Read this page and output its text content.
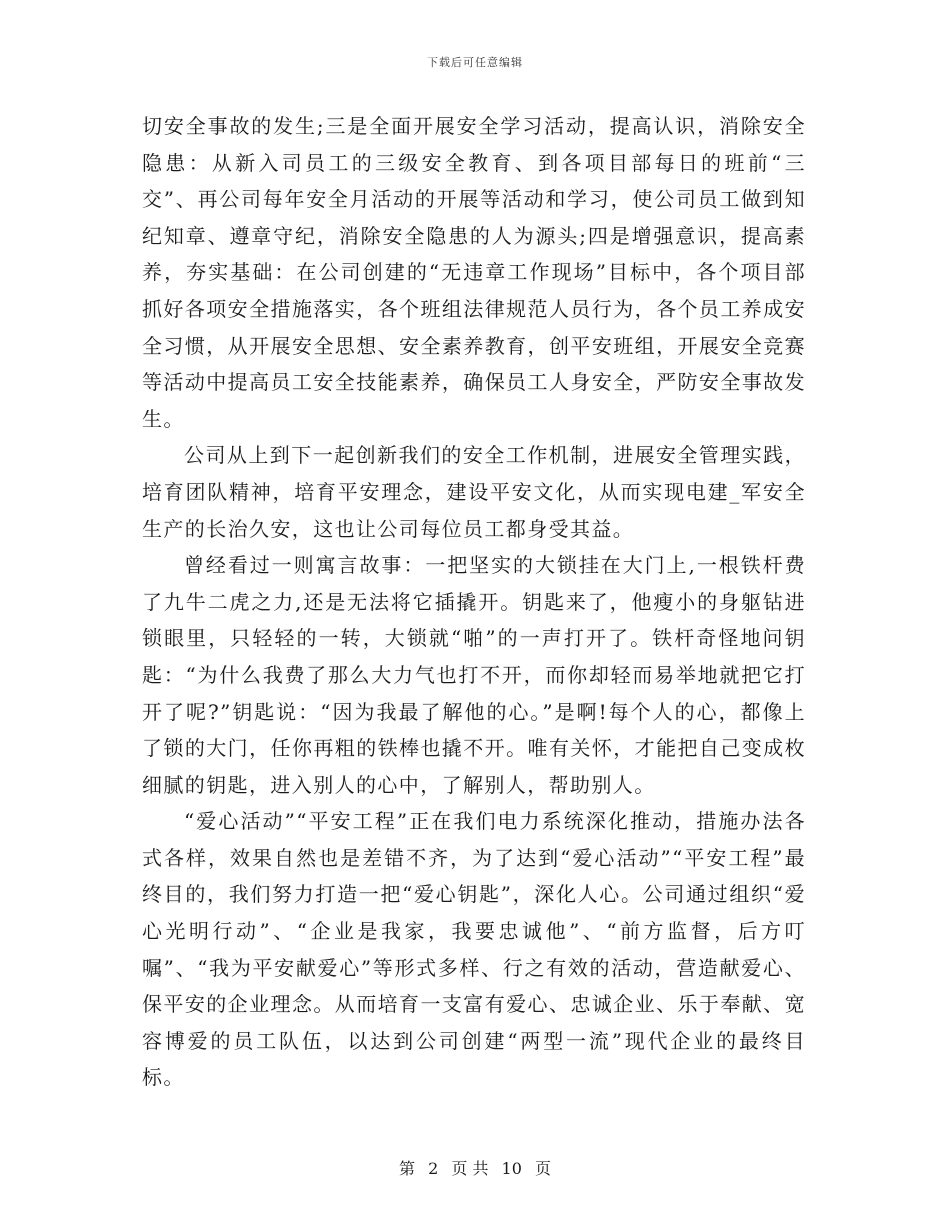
下载后可任意编辑

切安全事故的发生;三是全面开展安全学习活动，提高认识，消除安全隐患：从新入司员工的三级安全教育、到各项目部每日的班前“三交”、再公司每年安全月活动的开展等活动和学习，使公司员工做到知纪知章、遵章守纪，消除安全隐患的人为源头;四是增强意识，提高素养，夯实基础：在公司创建的“无违章工作现场”目标中，各个项目部抓好各项安全措施落实，各个班组法律规范人员行为，各个员工养成安全习惯，从开展安全思想、安全素养教育，创平安班组，开展安全竞赛等活动中提高员工安全技能素养，确保员工人身安全，严防安全事故发生。

公司从上到下一起创新我们的安全工作机制，进展安全管理实践，培育团队精神，培育平安理念，建设平安文化，从而实现电建_军安全生产的长治久安，这也让公司每位员工都身受其益。

曾经看过一则寓言故事：一把坚实的大锁挂在大门上,一根铁杆费了九牛二虎之力,还是无法将它插撬开。钥匙来了，他瘦小的身躯钻进锁眼里，只轻轻的一转，大锁就“啪”的一声打开了。铁杆奇怪地问钥匙：“为什么我费了那么大力气也打不开，而你却轻而易举地就把它打开了呢?”钥匙说：“因为我最了解他的心。”是啊!每个人的心，都像上了锁的大门，任你再粗的铁棒也撬不开。唯有关怀，才能把自己变成枚细腻的钥匙，进入别人的心中，了解别人，帮助别人。

“爱心活动”“平安工程”正在我们电力系统深化推动，措施办法各式各样，效果自然也是差错不齐，为了达到“爱心活动”“平安工程”最终目的，我们努力打造一把“爱心钥匙”，深化人心。公司通过组织“爱心光明行动”、“企业是我家，我要忠诚他”、“前方监督，后方叮嘱”、“我为平安献爱心”等形式多样、行之有效的活动，营造献爱心、保平安的企业理念。从而培育一支富有爱心、忠诚企业、乐于奉献、宽容博爱的员工队伍，以达到公司创建“两型一流”现代企业的最终目标。

第 2 页 共 10 页
